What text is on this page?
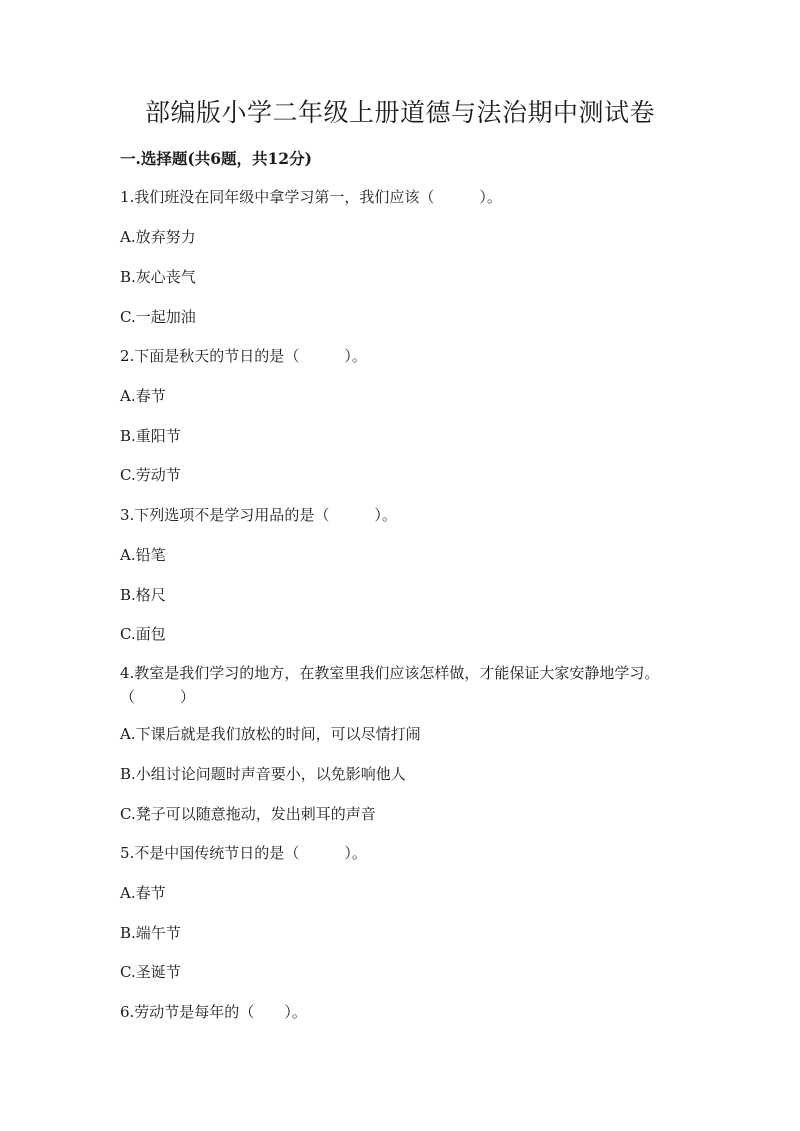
部编版小学二年级上册道德与法治期中测试卷
一.选择题(共6题，共12分)
1.我们班没在同年级中拿学习第一，我们应该（　　　）。
A.放弃努力
B.灰心丧气
C.一起加油
2.下面是秋天的节日的是（　　　）。
A.春节
B.重阳节
C.劳动节
3.下列选项不是学习用品的是（　　　）。
A.铅笔
B.格尺
C.面包
4.教室是我们学习的地方，在教室里我们应该怎样做，才能保证大家安静地学习。（　　　）
A.下课后就是我们放松的时间，可以尽情打闹
B.小组讨论问题时声音要小，以免影响他人
C.凳子可以随意拖动，发出刺耳的声音
5.不是中国传统节日的是（　　　）。
A.春节
B.端午节
C.圣诞节
6.劳动节是每年的（　　）。
